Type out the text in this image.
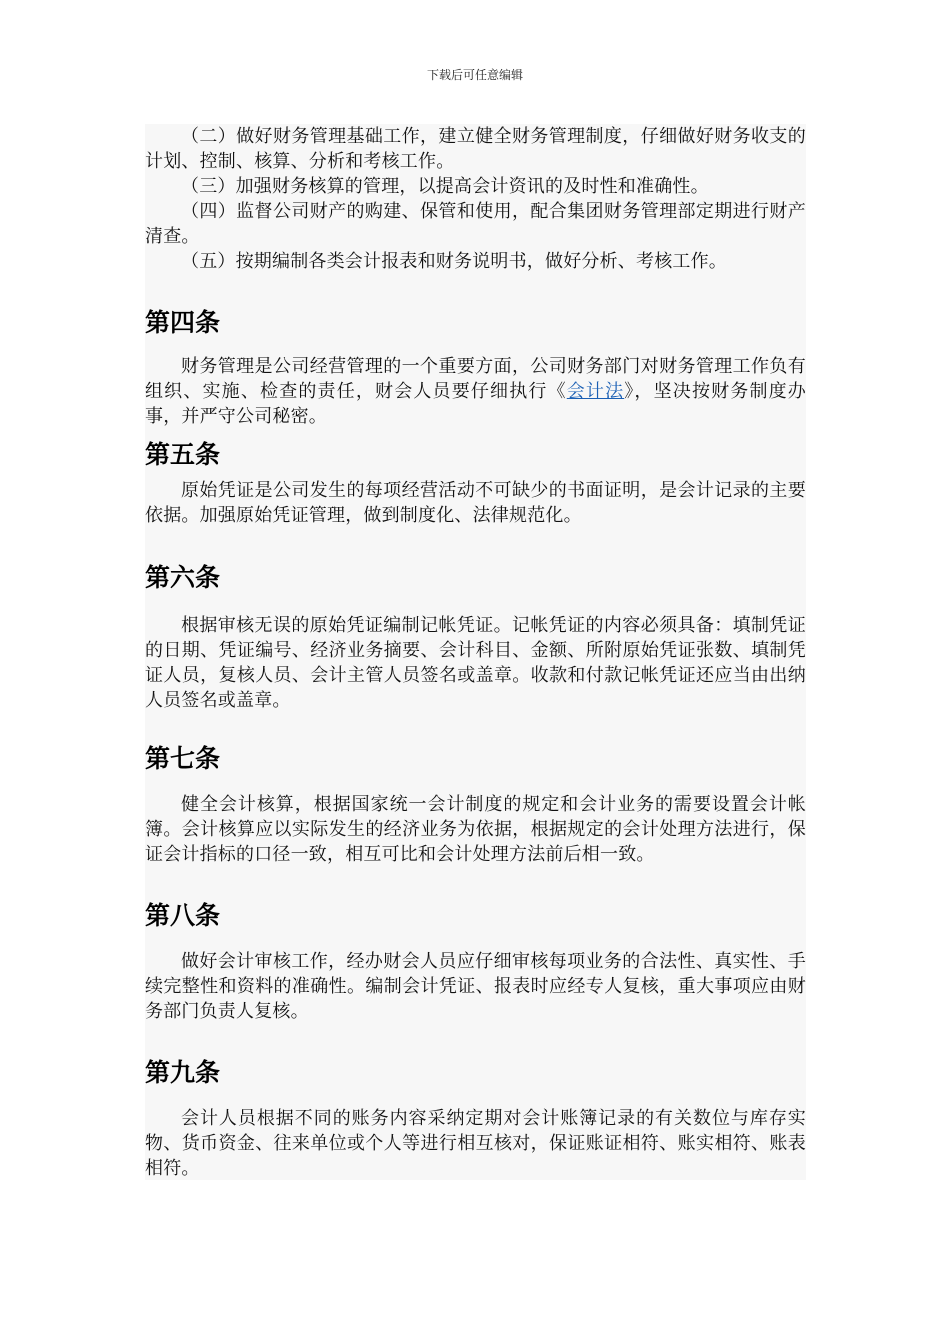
下载后可任意编辑

（二）做好财务管理基础工作，建立健全财务管理制度，仔细做好财务收支的计划、控制、核算、分析和考核工作。

（三）加强财务核算的管理，以提高会计资讯的及时性和准确性。

（四）监督公司财产的购建、保管和使用，配合集团财务管理部定期进行财产清查。

（五）按期编制各类会计报表和财务说明书，做好分析、考核工作。

第四条

财务管理是公司经营管理的一个重要方面，公司财务部门对财务管理工作负有组织、实施、检查的责任，财会人员要仔细执行《会计法》，坚决按财务制度办事，并严守公司秘密。

第五条

原始凭证是公司发生的每项经营活动不可缺少的书面证明，是会计记录的主要依据。加强原始凭证管理，做到制度化、法律规范化。

第六条

根据审核无误的原始凭证编制记帐凭证。记帐凭证的内容必须具备：填制凭证的日期、凭证编号、经济业务摘要、会计科目、金额、所附原始凭证张数、填制凭证人员，复核人员、会计主管人员签名或盖章。收款和付款记帐凭证还应当由出纳人员签名或盖章。

第七条

健全会计核算，根据国家统一会计制度的规定和会计业务的需要设置会计帐簿。会计核算应以实际发生的经济业务为依据，根据规定的会计处理方法进行，保证会计指标的口径一致，相互可比和会计处理方法前后相一致。

第八条

做好会计审核工作，经办财会人员应仔细审核每项业务的合法性、真实性、手续完整性和资料的准确性。编制会计凭证、报表时应经专人复核，重大事项应由财务部门负责人复核。

第九条

会计人员根据不同的账务内容采纳定期对会计账簿记录的有关数位与库存实物、货币资金、往来单位或个人等进行相互核对，保证账证相符、账实相符、账表相符。
